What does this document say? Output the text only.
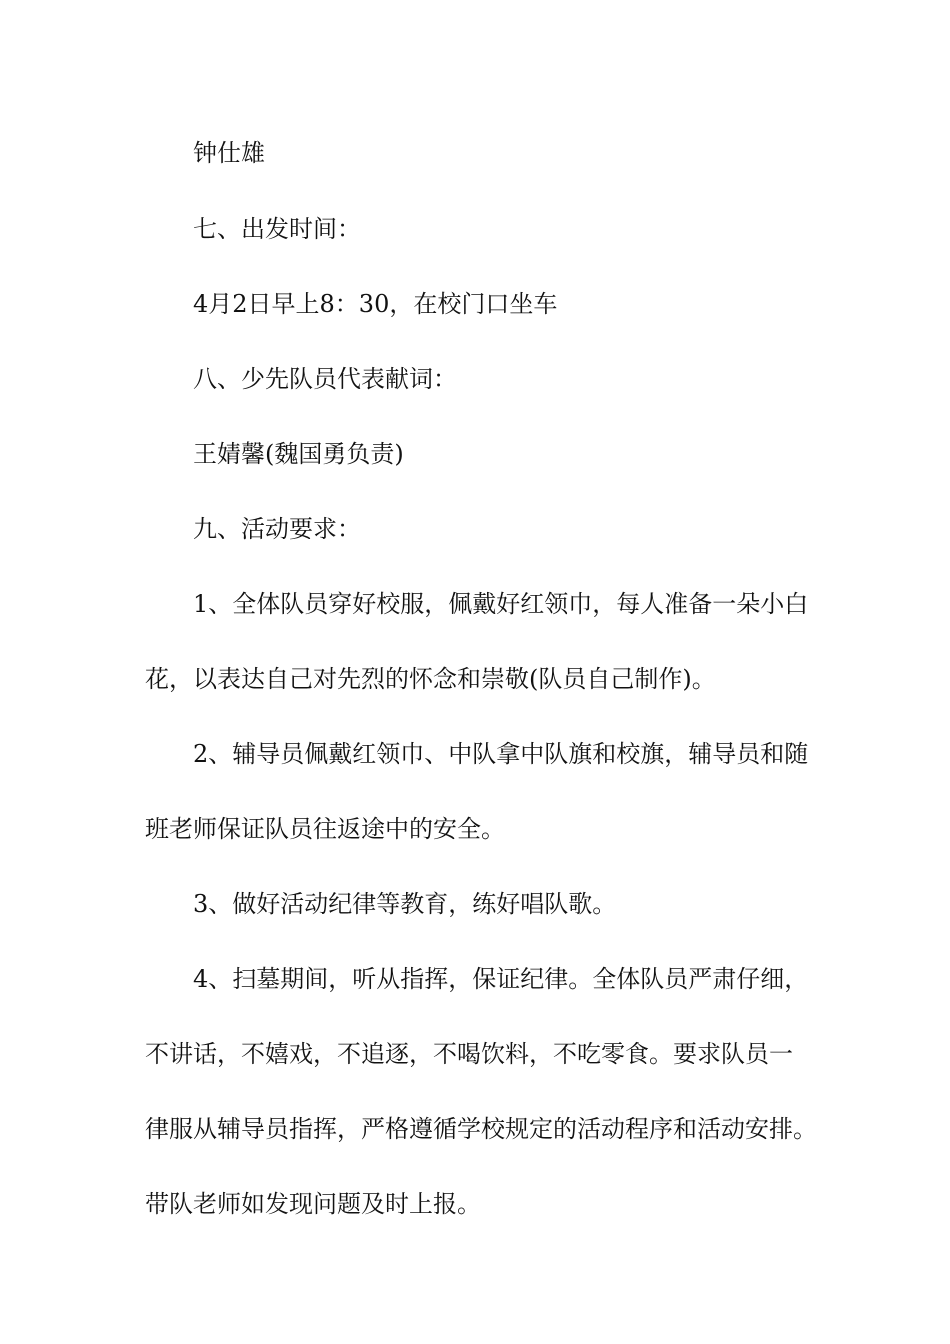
钟仕雄
七、出发时间：
4月2日早上8：30，在校门口坐车
八、少先队员代表献词：
王婧馨(魏国勇负责)
九、活动要求：
1、全体队员穿好校服，佩戴好红领巾，每人准备一朵小白
花，以表达自己对先烈的怀念和崇敬(队员自己制作)。
2、辅导员佩戴红领巾、中队拿中队旗和校旗，辅导员和随
班老师保证队员往返途中的安全。
3、做好活动纪律等教育，练好唱队歌。
4、扫墓期间，听从指挥，保证纪律。全体队员严肃仔细，
不讲话，不嬉戏，不追逐，不喝饮料，不吃零食。要求队员一
律服从辅导员指挥，严格遵循学校规定的活动程序和活动安排。
带队老师如发现问题及时上报。
